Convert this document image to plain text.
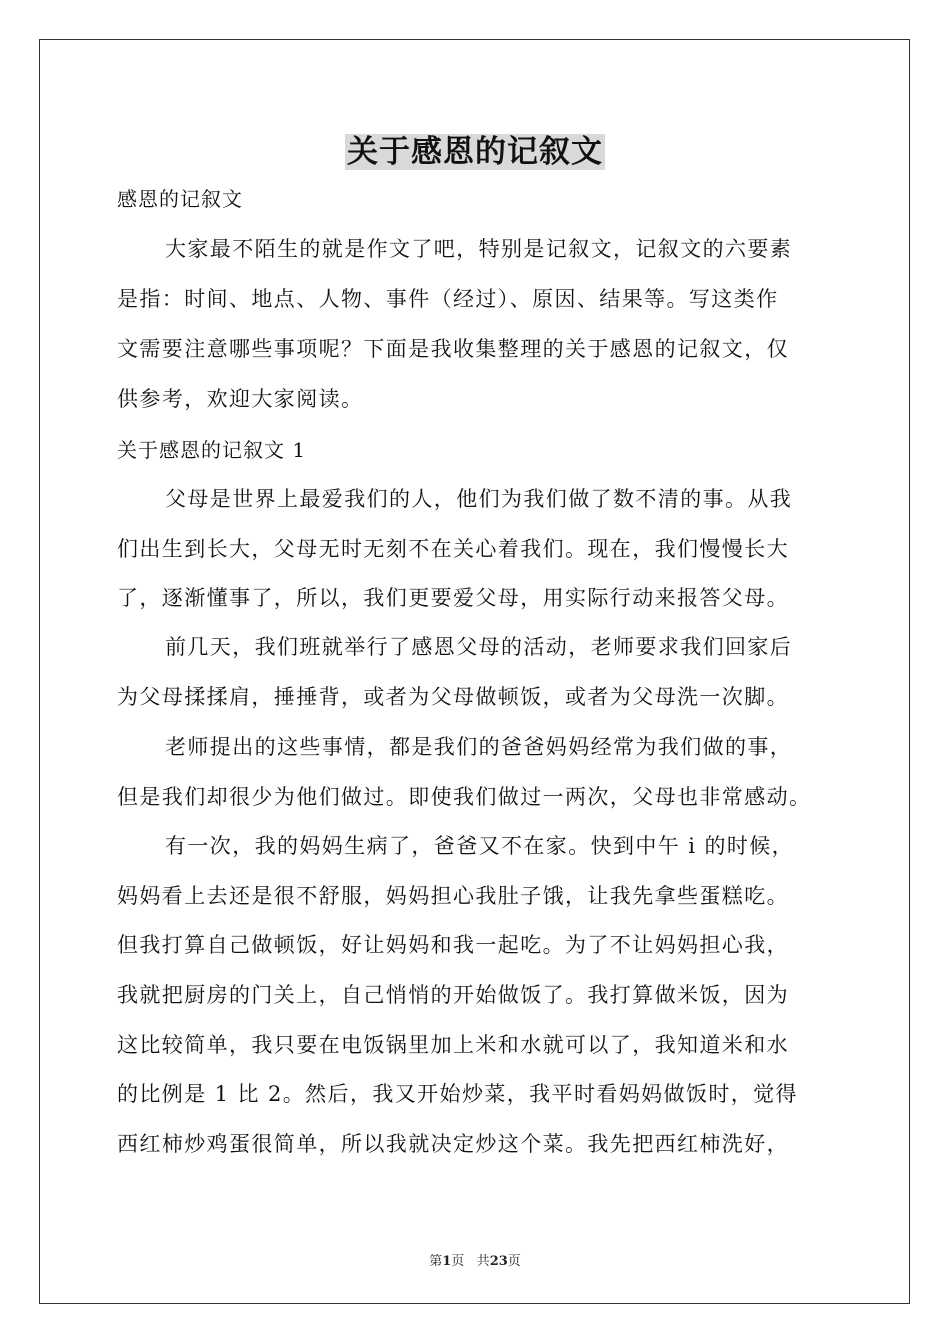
关于感恩的记叙文
感恩的记叙文
大家最不陌生的就是作文了吧，特别是记叙文，记叙文的六要素
是指：时间、地点、人物、事件（经过）、原因、结果等。写这类作
文需要注意哪些事项呢？下面是我收集整理的关于感恩的记叙文，仅
供参考，欢迎大家阅读。
关于感恩的记叙文 1
父母是世界上最爱我们的人，他们为我们做了数不清的事。从我
们出生到长大，父母无时无刻不在关心着我们。现在，我们慢慢长大
了，逐渐懂事了，所以，我们更要爱父母，用实际行动来报答父母。
前几天，我们班就举行了感恩父母的活动，老师要求我们回家后
为父母揉揉肩，捶捶背，或者为父母做顿饭，或者为父母洗一次脚。
老师提出的这些事情，都是我们的爸爸妈妈经常为我们做的事，
但是我们却很少为他们做过。即使我们做过一两次，父母也非常感动。
有一次，我的妈妈生病了，爸爸又不在家。快到中午 i 的时候，
妈妈看上去还是很不舒服，妈妈担心我肚子饿，让我先拿些蛋糕吃。
但我打算自己做顿饭，好让妈妈和我一起吃。为了不让妈妈担心我，
我就把厨房的门关上，自己悄悄的开始做饭了。我打算做米饭，因为
这比较简单，我只要在电饭锅里加上米和水就可以了，我知道米和水
的比例是 1 比 2。然后，我又开始炒菜，我平时看妈妈做饭时，觉得
西红柿炒鸡蛋很简单，所以我就决定炒这个菜。我先把西红柿洗好，
第1页 共23页
